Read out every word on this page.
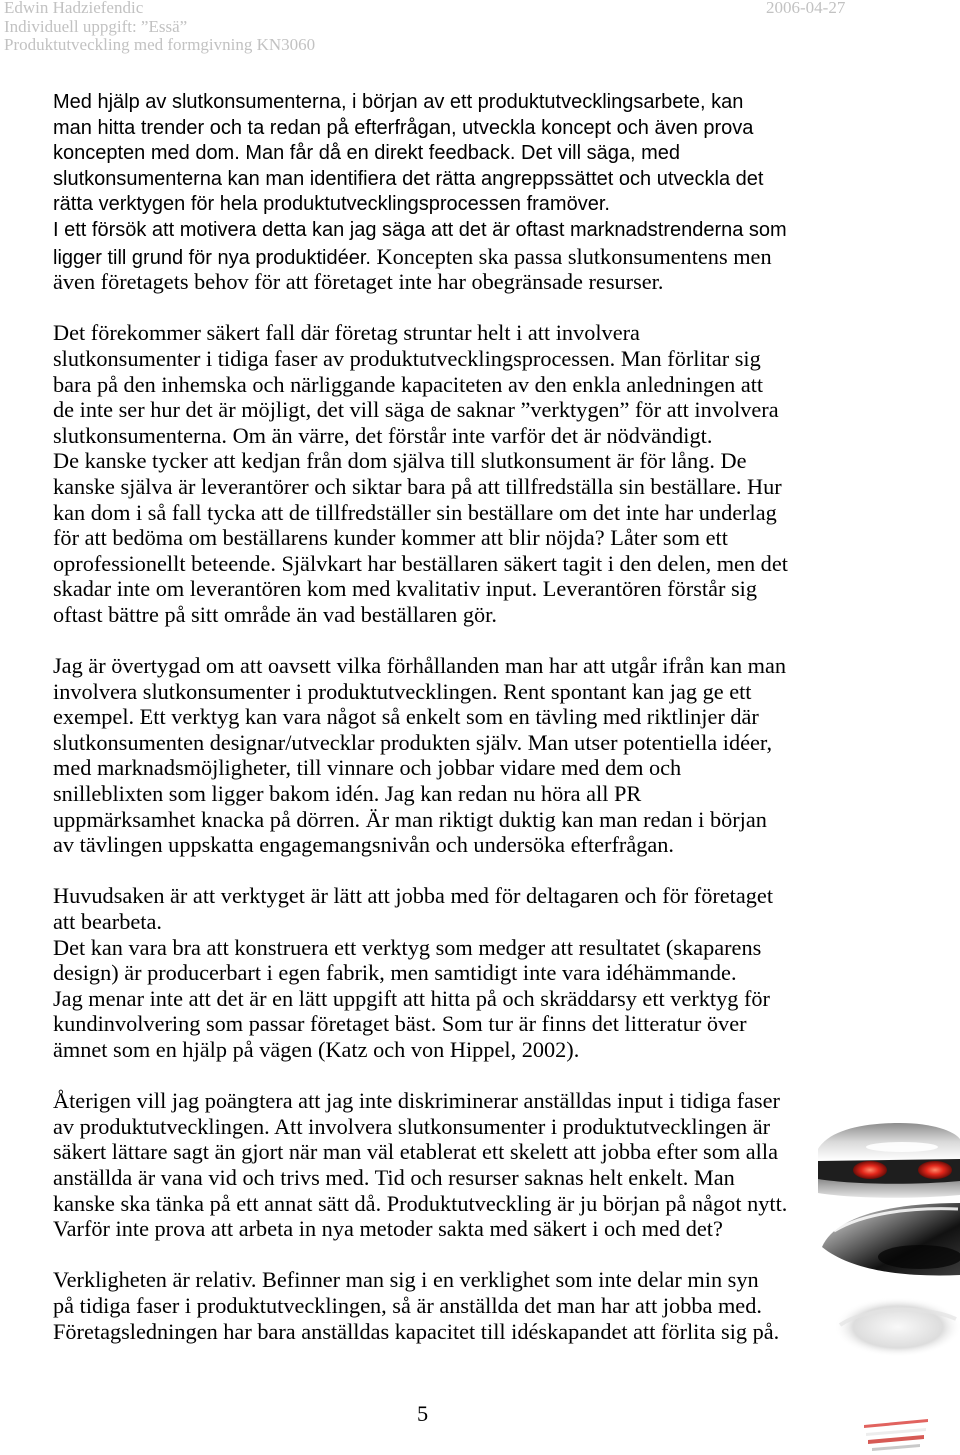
Edwin Hadziefendic
Individuell uppgift: ”Essä”
Produktutveckling med formgivning KN3060
2006-04-27
Med hjälp av slutkonsumenterna, i början av ett produktutvecklingsarbete, kan
man hitta trender och ta redan på efterfrågan, utveckla koncept och även prova
koncepten med dom. Man får då en direkt feedback. Det vill säga, med
slutkonsumenterna kan man identifiera det rätta angreppssättet och utveckla det
rätta verktygen för hela produktutvecklingsprocessen framöver.
I ett försök att motivera detta kan jag säga att det är oftast marknadstrenderna som
ligger till grund för nya produktidéer. Koncepten ska passa slutkonsumentens men
även företagets behov för att företaget inte har obegränsade resurser.
Det förekommer säkert fall där företag struntar helt i att involvera
slutkonsumenter i tidiga faser av produktutvecklingsprocessen. Man förlitar sig
bara på den inhemska och närliggande kapaciteten av den enkla anledningen att
de inte ser hur det är möjligt, det vill säga de saknar ”verktygen” för att involvera
slutkonsumenterna. Om än värre, det förstår inte varför det är nödvändigt.
De kanske tycker att kedjan från dom själva till slutkonsument är för lång. De
kanske själva är leverantörer och siktar bara på att tillfredställa sin beställare. Hur
kan dom i så fall tycka att de tillfredställer sin beställare om det inte har underlag
för att bedöma om beställarens kunder kommer att blir nöjda? Låter som ett
oprofessionellt beteende. Självkart har beställaren säkert tagit i den delen, men det
skadar inte om leverantören kom med kvalitativ input. Leverantören förstår sig
oftast bättre på sitt område än vad beställaren gör.
Jag är övertygad om att oavsett vilka förhållanden man har att utgår ifrån kan man
involvera slutkonsumenter i produktutvecklingen. Rent spontant kan jag ge ett
exempel. Ett verktyg kan vara något så enkelt som en tävling med riktlinjer där
slutkonsumenten designar/utvecklar produkten själv. Man utser potentiella idéer,
med marknadsmöjligheter, till vinnare och jobbar vidare med dem och
snilleblixten som ligger bakom idén. Jag kan redan nu höra all PR
uppmärksamhet knacka på dörren. Är man riktigt duktig kan man redan i början
av tävlingen uppskatta engagemangsnivån och undersöka efterfrågan.
Huvudsaken är att verktyget är lätt att jobba med för deltagaren och för företaget
att bearbeta.
Det kan vara bra att konstruera ett verktyg som medger att resultatet (skaparens
design) är producerbart i egen fabrik, men samtidigt inte vara idéhämmande.
Jag menar inte att det är en lätt uppgift att hitta på och skräddarsy ett verktyg för
kundinvolvering som passar företaget bäst. Som tur är finns det litteratur över
ämnet som en hjälp på vägen (Katz och von Hippel, 2002).
Återigen vill jag poängtera att jag inte diskriminerar anställdas input i tidiga faser
av produktutvecklingen. Att involvera slutkonsumenter i produktutvecklingen är
säkert lättare sagt än gjort när man väl etablerat ett skelett att jobba efter som alla
anställda är vana vid och trivs med. Tid och resurser saknas helt enkelt. Man
kanske ska tänka på ett annat sätt då. Produktutveckling är ju början på något nytt.
Varför inte prova att arbeta in nya metoder sakta med säkert i och med det?
Verkligheten är relativ. Befinner man sig i en verklighet som inte delar min syn
på tidiga faser i produktutvecklingen, så är anställda det man har att jobba med.
Företagsledningen har bara anställdas kapacitet till idéskapandet att förlita sig på.
5
